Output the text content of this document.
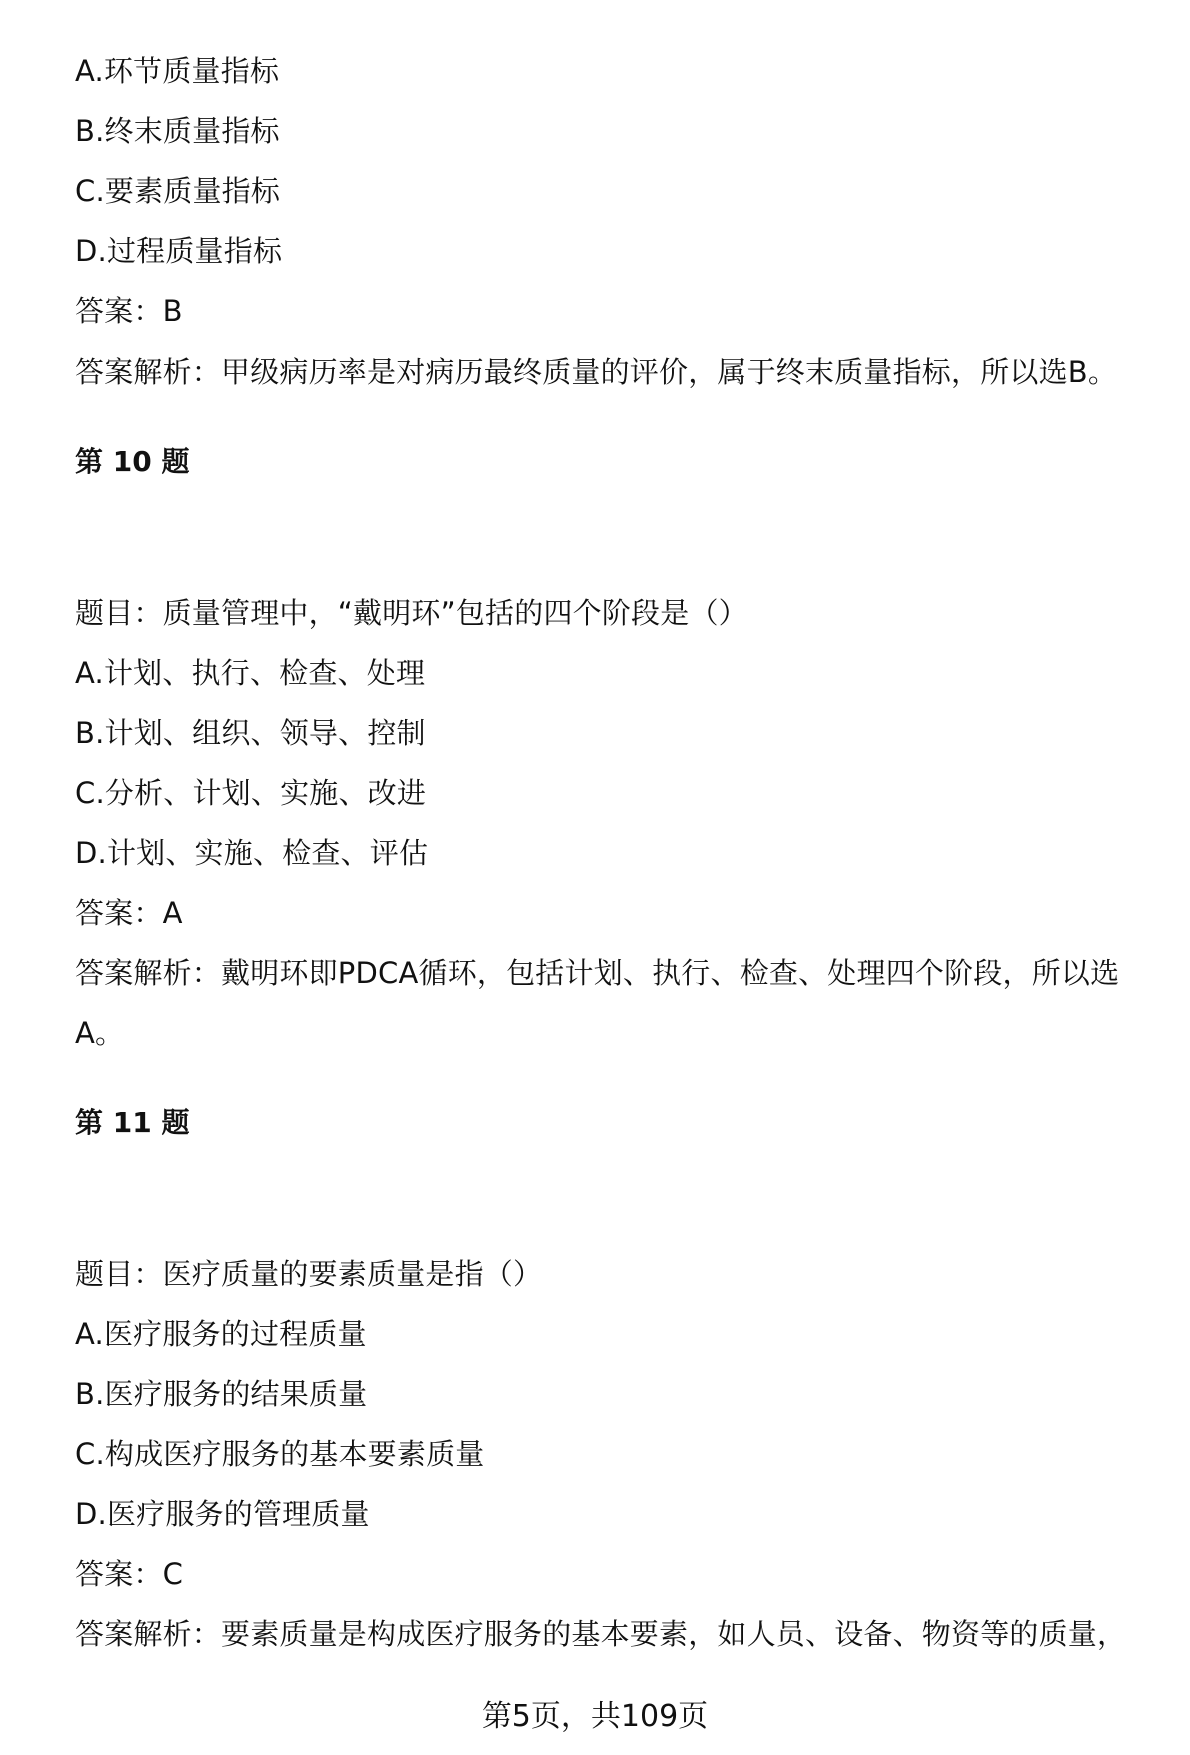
A.环节质量指标
B.终末质量指标
C.要素质量指标
D.过程质量指标
答案：B
答案解析：甲级病历率是对病历最终质量的评价，属于终末质量指标，所以选B。
第 10 题
题目：质量管理中，“戴明环”包括的四个阶段是（）
A.计划、执行、检查、处理
B.计划、组织、领导、控制
C.分析、计划、实施、改进
D.计划、实施、检查、评估
答案：A
答案解析：戴明环即PDCA循环，包括计划、执行、检查、处理四个阶段，所以选A。
第 11 题
题目：医疗质量的要素质量是指（）
A.医疗服务的过程质量
B.医疗服务的结果质量
C.构成医疗服务的基本要素质量
D.医疗服务的管理质量
答案：C
答案解析：要素质量是构成医疗服务的基本要素，如人员、设备、物资等的质量，
第5页，共109页
